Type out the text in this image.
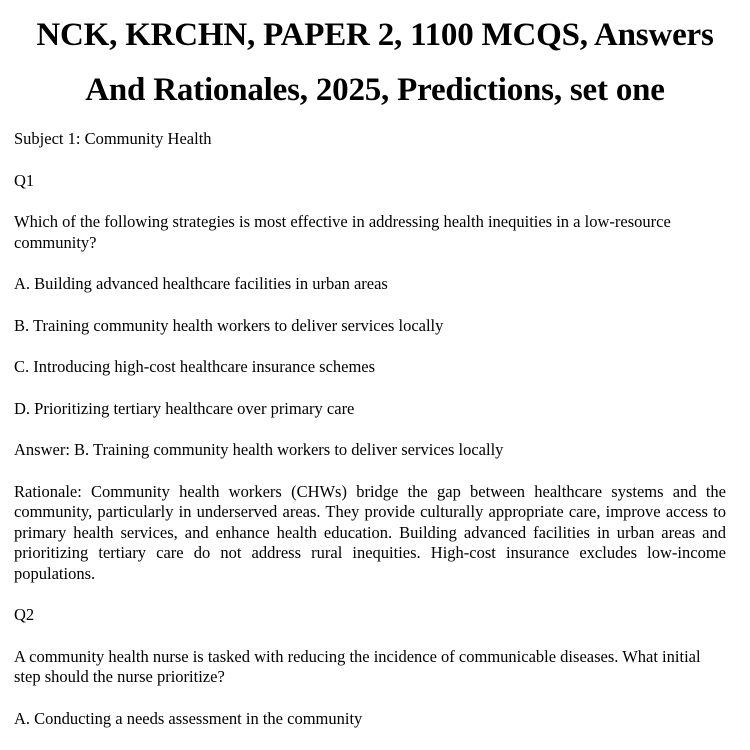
NCK, KRCHN, PAPER 2, 1100 MCQS, Answers
And Rationales, 2025, Predictions, set one

Subject 1: Community Health

Q1

Which of the following strategies is most effective in addressing health inequities in a low-resource community?

A. Building advanced healthcare facilities in urban areas

B. Training community health workers to deliver services locally

C. Introducing high-cost healthcare insurance schemes

D. Prioritizing tertiary healthcare over primary care

Answer: B. Training community health workers to deliver services locally

Rationale: Community health workers (CHWs) bridge the gap between healthcare systems and the community, particularly in underserved areas. They provide culturally appropriate care, improve access to primary health services, and enhance health education. Building advanced facilities in urban areas and prioritizing tertiary care do not address rural inequities. High-cost insurance excludes low-income populations.

Q2

A community health nurse is tasked with reducing the incidence of communicable diseases. What initial step should the nurse prioritize?

A. Conducting a needs assessment in the community
